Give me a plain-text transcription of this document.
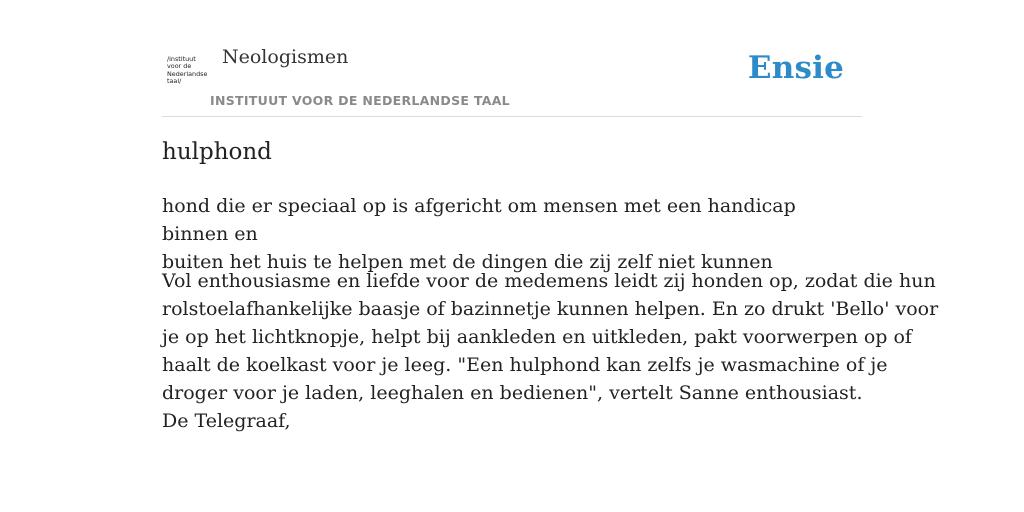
/instituut
voor de
Nederlandse
taal/
Neologismen
INSTITUUT VOOR DE NEDERLANDSE TAAL
Ensie
hulphond
hond die er speciaal op is afgericht om mensen met een handicap binnen en
buiten het huis te helpen met de dingen die zij zelf niet kunnen
Vol enthousiasme en liefde voor de medemens leidt zij honden op, zodat die hun
rolstoelafhankelijke baasje of bazinnetje kunnen helpen. En zo drukt 'Bello' voor
je op het lichtknopje, helpt bij aankleden en uitkleden, pakt voorwerpen op of
haalt de koelkast voor je leeg. "Een hulphond kan zelfs je wasmachine of je
droger voor je laden, leeghalen en bedienen", vertelt Sanne enthousiast.
De Telegraaf,
